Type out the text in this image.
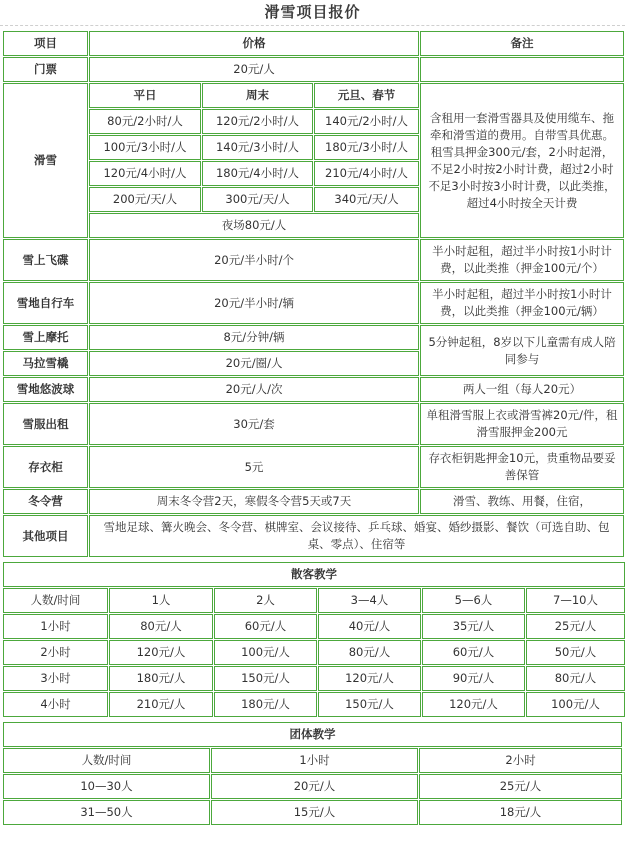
滑雪项目报价
项目	价格			备注
门票	20元/人			
滑雪	平日	周末	元旦、春节	含租用一套滑雪器具及使用缆车、拖牵和滑雪道的费用。自带雪具优惠。租雪具押金300元/套，2小时起滑，不足2小时按2小时计费，超过2小时不足3小时按3小时计费，以此类推，超过4小时按全天计费
	80元/2小时/人	120元/2小时/人	140元/2小时/人	
	100元/3小时/人	140元/3小时/人	180元/3小时/人	
	120元/4小时/人	180元/4小时/人	210元/4小时/人	
	200元/天/人	300元/天/人	340元/天/人	
	夜场80元/人			
雪上飞碟	20元/半小时/个			半小时起租，超过半小时按1小时计费，以此类推（押金100元/个）
雪地自行车	20元/半小时/辆			半小时起租，超过半小时按1小时计费，以此类推（押金100元/辆）
雪上摩托	8元/分钟/辆			5分钟起租，8岁以下儿童需有成人陪同参与
马拉雪橇	20元/圈/人			
雪地悠波球	20元/人/次			两人一组（每人20元）
雪服出租	30元/套			单租滑雪服上衣或滑雪裤20元/件，租滑雪服押金200元
存衣柜	5元			存衣柜钥匙押金10元，贵重物品要妥善保管
冬令营	周末冬令营2天，寒假冬令营5天或7天			滑雪、教练、用餐，住宿，
其他项目	雪地足球、篝火晚会、冬令营、棋牌室、会议接待、乒乓球、婚宴、婚纱摄影、餐饮（可选自助、包桌、零点）、住宿等			
散客教学					
人数/时间	1人	2人	3—4人	5—6人	7—10人
1小时	80元/人	60元/人	40元/人	35元/人	25元/人
2小时	120元/人	100元/人	80元/人	60元/人	50元/人
3小时	180元/人	150元/人	120元/人	90元/人	80元/人
4小时	210元/人	180元/人	150元/人	120元/人	100元/人
团体教学		
人数/时间	1小时	2小时
10—30人	20元/人	25元/人
31—50人	15元/人	18元/人
